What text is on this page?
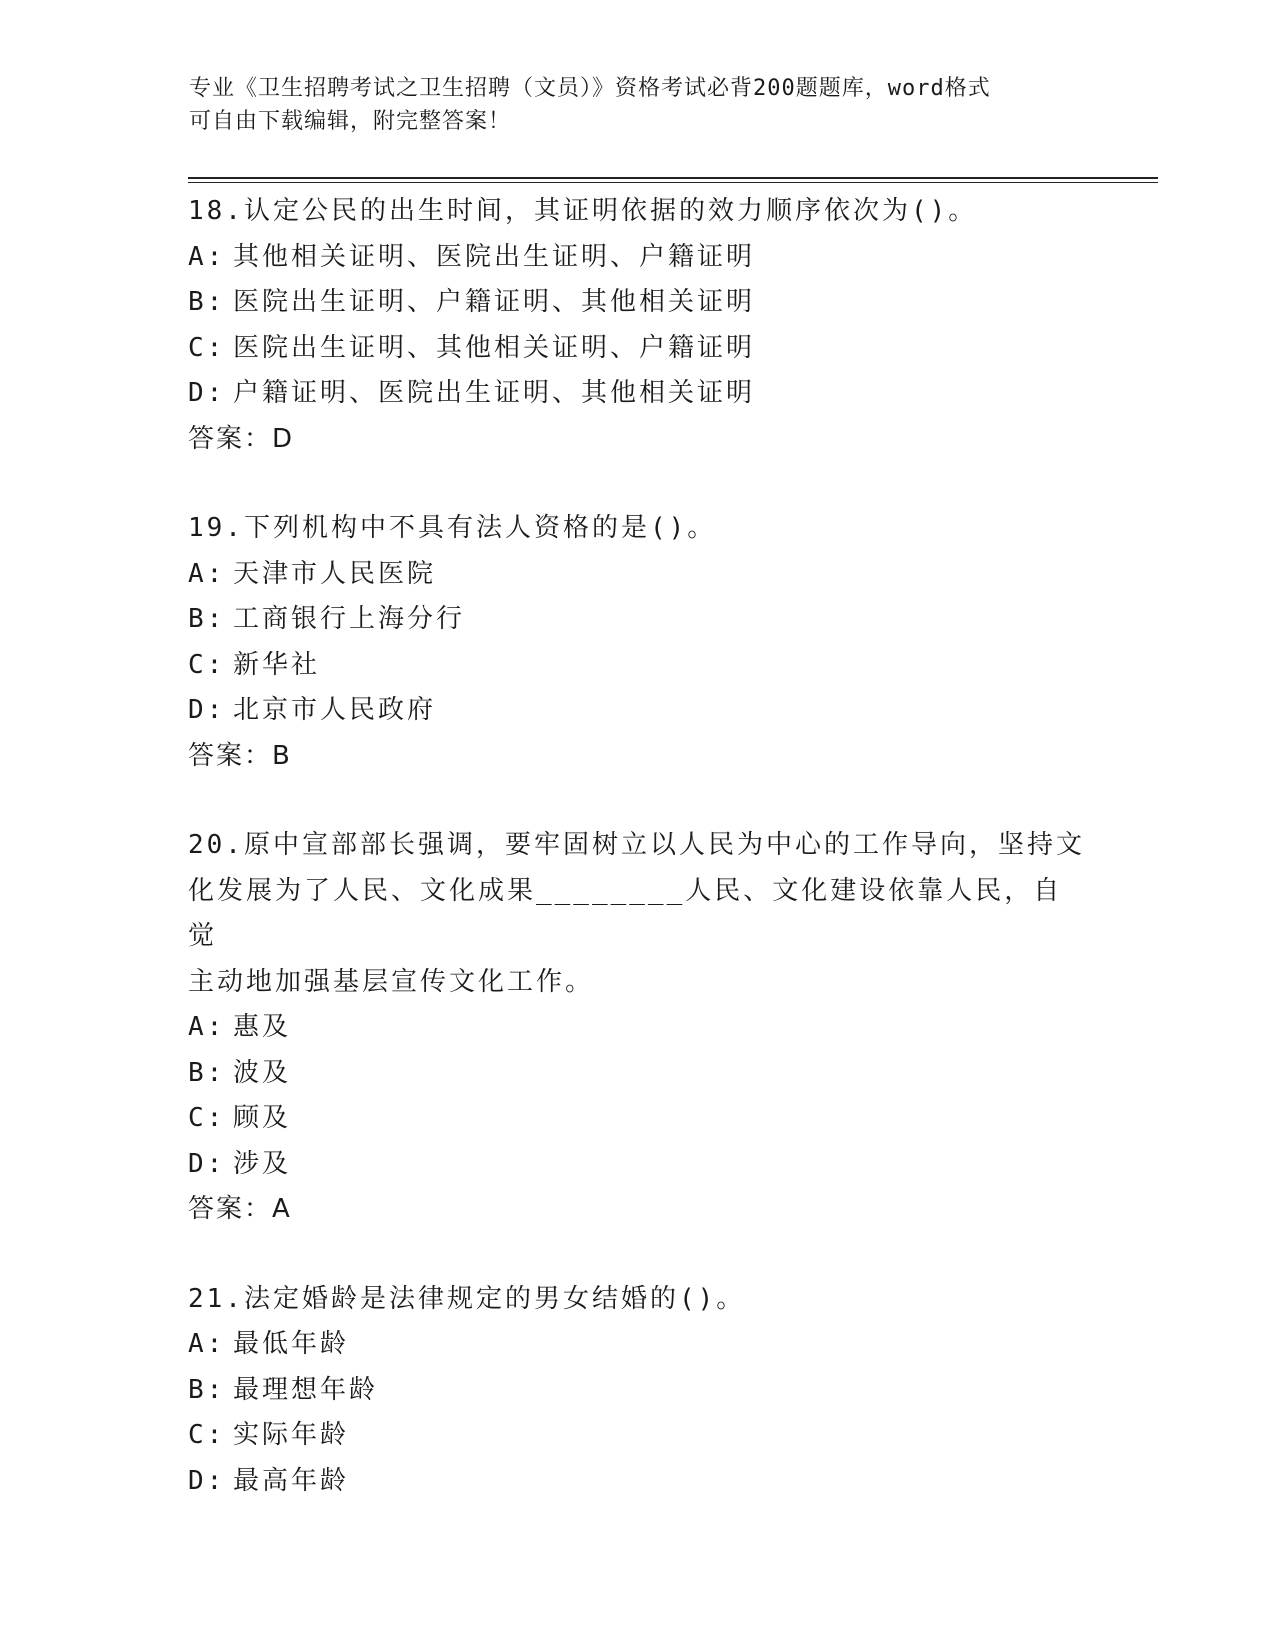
专业《卫生招聘考试之卫生招聘（文员）》资格考试必背200题题库，word格式
可自由下载编辑，附完整答案！
18.认定公民的出生时间，其证明依据的效力顺序依次为()。
A: 其他相关证明、医院出生证明、户籍证明
B: 医院出生证明、户籍证明、其他相关证明
C: 医院出生证明、其他相关证明、户籍证明
D: 户籍证明、医院出生证明、其他相关证明
答案：D
19.下列机构中不具有法人资格的是()。
A: 天津市人民医院
B: 工商银行上海分行
C: 新华社
D: 北京市人民政府
答案：B
20.原中宣部部长强调，要牢固树立以人民为中心的工作导向，坚持文
化发展为了人民、文化成果________人民、文化建设依靠人民，自觉
主动地加强基层宣传文化工作。
A: 惠及
B: 波及
C: 顾及
D: 涉及
答案：A
21.法定婚龄是法律规定的男女结婚的()。
A: 最低年龄
B: 最理想年龄
C: 实际年龄
D: 最高年龄
